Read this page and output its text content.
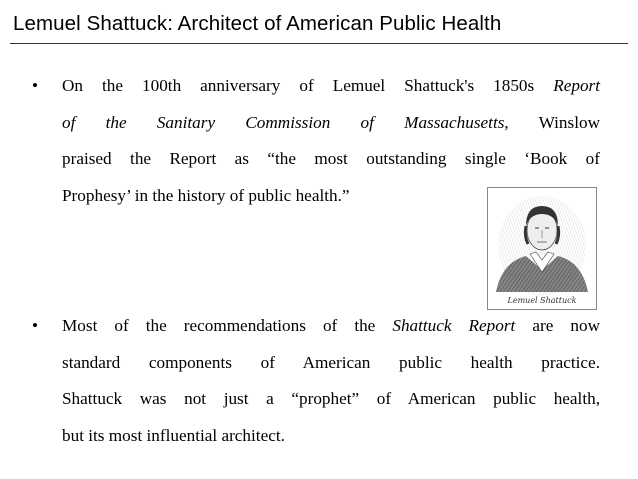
Lemuel Shattuck: Architect of American Public Health
•	On the 100th anniversary of Lemuel Shattuck's 1850s Report
of the Sanitary Commission of Massachusetts, Winslow
praised the Report as “the most outstanding single ‘Book of
Prophesy’ in the history of public health.”
Lemuel Shattuck
•	Most of the recommendations of the Shattuck Report are now
standard components of American public health practice.
Shattuck was not just a “prophet” of American public health,
but its most influential architect.
